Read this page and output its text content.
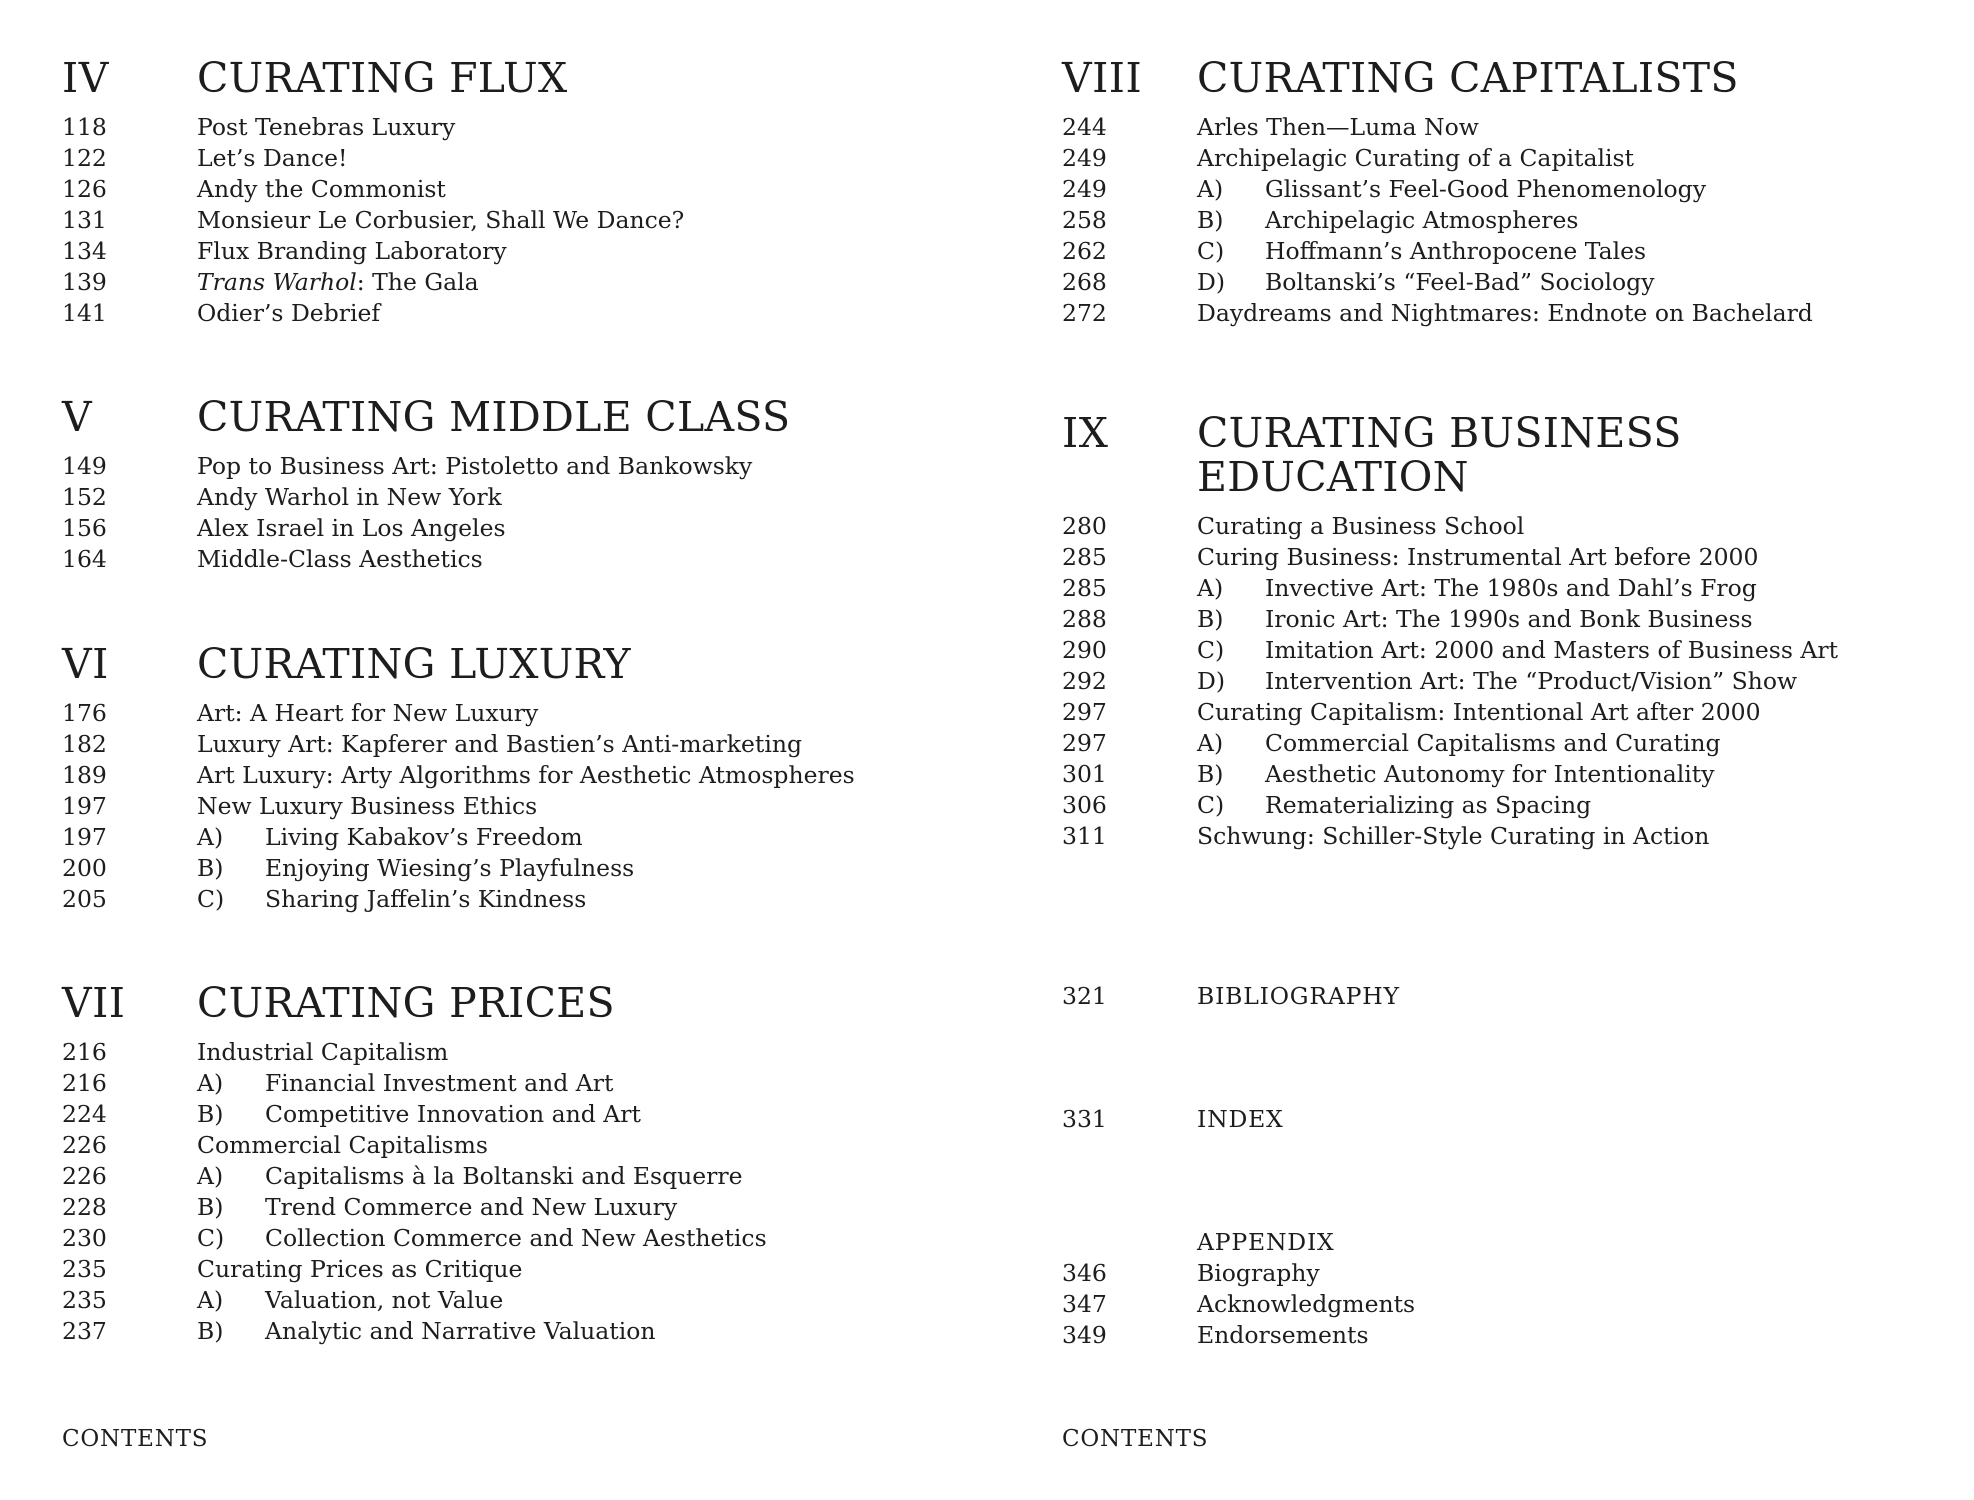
IV	CURATING FLUX
118	Post Tenebras Luxury
122	Let’s Dance!
126	Andy the Commonist
131	Monsieur Le Corbusier, Shall We Dance?
134	Flux Branding Laboratory
139	Trans Warhol: The Gala
141	Odier’s Debrief
V	CURATING MIDDLE CLASS
149	Pop to Business Art: Pistoletto and Bankowsky
152	Andy Warhol in New York
156	Alex Israel in Los Angeles
164	Middle-Class Aesthetics
VI	CURATING LUXURY
176	Art: A Heart for New Luxury
182	Luxury Art: Kapferer and Bastien’s Anti-marketing
189	Art Luxury: Arty Algorithms for Aesthetic Atmospheres
197	New Luxury Business Ethics
197	A)	Living Kabakov’s Freedom
200	B)	Enjoying Wiesing’s Playfulness
205	C)	Sharing Jaffelin’s Kindness
VII	CURATING PRICES
216	Industrial Capitalism
216	A)	Financial Investment and Art
224	B)	Competitive Innovation and Art
226	Commercial Capitalisms
226	A)	Capitalisms à la Boltanski and Esquerre
228	B)	Trend Commerce and New Luxury
230	C)	Collection Commerce and New Aesthetics
235	Curating Prices as Critique
235	A)	Valuation, not Value
237	B)	Analytic and Narrative Valuation
CONTENTS
VIII	CURATING CAPITALISTS
244	Arles Then—Luma Now
249	Archipelagic Curating of a Capitalist
249	A)	Glissant’s Feel-Good Phenomenology
258	B)	Archipelagic Atmospheres
262	C)	Hoffmann’s Anthropocene Tales
268	D)	Boltanski’s “Feel-Bad” Sociology
272	Daydreams and Nightmares: Endnote on Bachelard
IX	CURATING BUSINESS
EDUCATION
280	Curating a Business School
285	Curing Business: Instrumental Art before 2000
285	A)	Invective Art: The 1980s and Dahl’s Frog
288	B)	Ironic Art: The 1990s and Bonk Business
290	C)	Imitation Art: 2000 and Masters of Business Art
292	D)	Intervention Art: The “Product/Vision” Show
297	Curating Capitalism: Intentional Art after 2000
297	A)	Commercial Capitalisms and Curating
301	B)	Aesthetic Autonomy for Intentionality
306	C)	Rematerializing as Spacing
311	Schwung: Schiller-Style Curating in Action
321	BIBLIOGRAPHY
331	INDEX
APPENDIX
346	Biography
347	Acknowledgments
349	Endorsements
CONTENTS
